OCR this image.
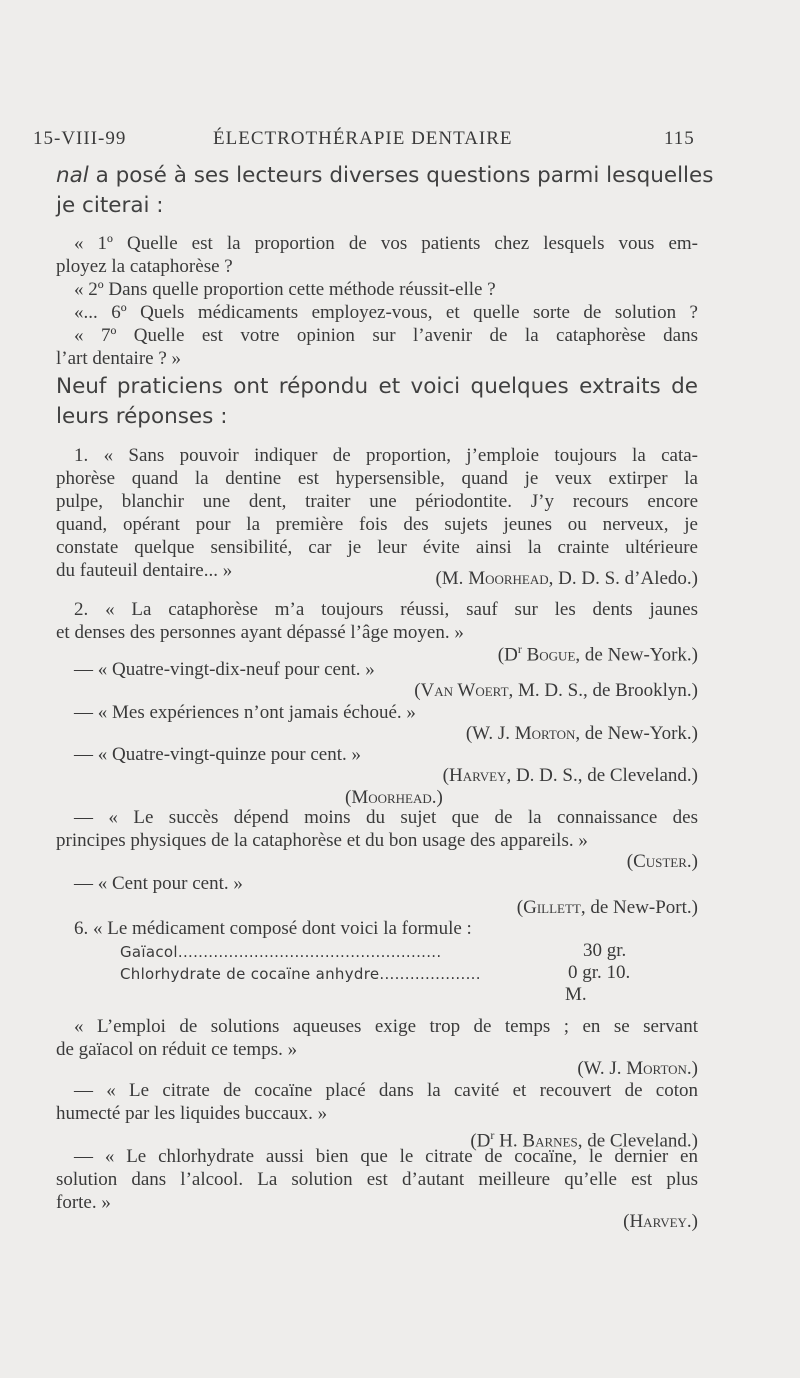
15-VIII-99	ÉLECTROTHÉRAPIE DENTAIRE	115
nal a posé à ses lecteurs diverses questions parmi lesquelles
je citerai :
« 1º Quelle est la proportion de vos patients chez lesquels vous em-
ployez la cataphorèse ?
« 2º Dans quelle proportion cette méthode réussit-elle ?
«... 6º Quels médicaments employez-vous, et quelle sorte de solution ?
« 7º Quelle est votre opinion sur l’avenir de la cataphorèse dans
l’art dentaire ? »
Neuf praticiens ont répondu et voici quelques extraits de
leurs réponses :
1. « Sans pouvoir indiquer de proportion, j’emploie toujours la cata-
phorèse quand la dentine est hypersensible, quand je veux extirper la
pulpe, blanchir une dent, traiter une périodontite. J’y recours encore
quand, opérant pour la première fois des sujets jeunes ou nerveux, je
constate quelque sensibilité, car je leur évite ainsi la crainte ultérieure
du fauteuil dentaire... »	(M. Moorhead, D. D. S. d’Aledo.)
2. « La cataphorèse m’a toujours réussi, sauf sur les dents jaunes
et denses des personnes ayant dépassé l’âge moyen. »
($D^r$ Bogue, de New-York.)
— « Quatre-vingt-dix-neuf pour cent. »
(Van Woert, M. D. S., de Brooklyn.)
— « Mes expériences n’ont jamais échoué. »
(W. J. Morton, de New-York.)
— « Quatre-vingt-quinze pour cent. »
(Harvey, D. D. S., de Cleveland.)
(Moorhead.)
— « Le succès dépend moins du sujet que de la connaissance des
principes physiques de la cataphorèse et du bon usage des appareils. »
(Custer.)
— « Cent pour cent. »
(Gillett, de New-Port.)
6. « Le médicament composé dont voici la formule :
Gaïacol....................................................	30 gr.
Chlorhydrate de cocaïne anhydre....................	0 gr. 10.
M.
« L’emploi de solutions aqueuses exige trop de temps ; en se servant
de gaïacol on réduit ce temps. »
(W. J. Morton.)
— « Le citrate de cocaïne placé dans la cavité et recouvert de coton
humecté par les liquides buccaux. »
($D^r$ H. Barnes, de Cleveland.)
— « Le chlorhydrate aussi bien que le citrate de cocaïne, le dernier en
solution dans l’alcool. La solution est d’autant meilleure qu’elle est plus
forte. »
(Harvey.)
